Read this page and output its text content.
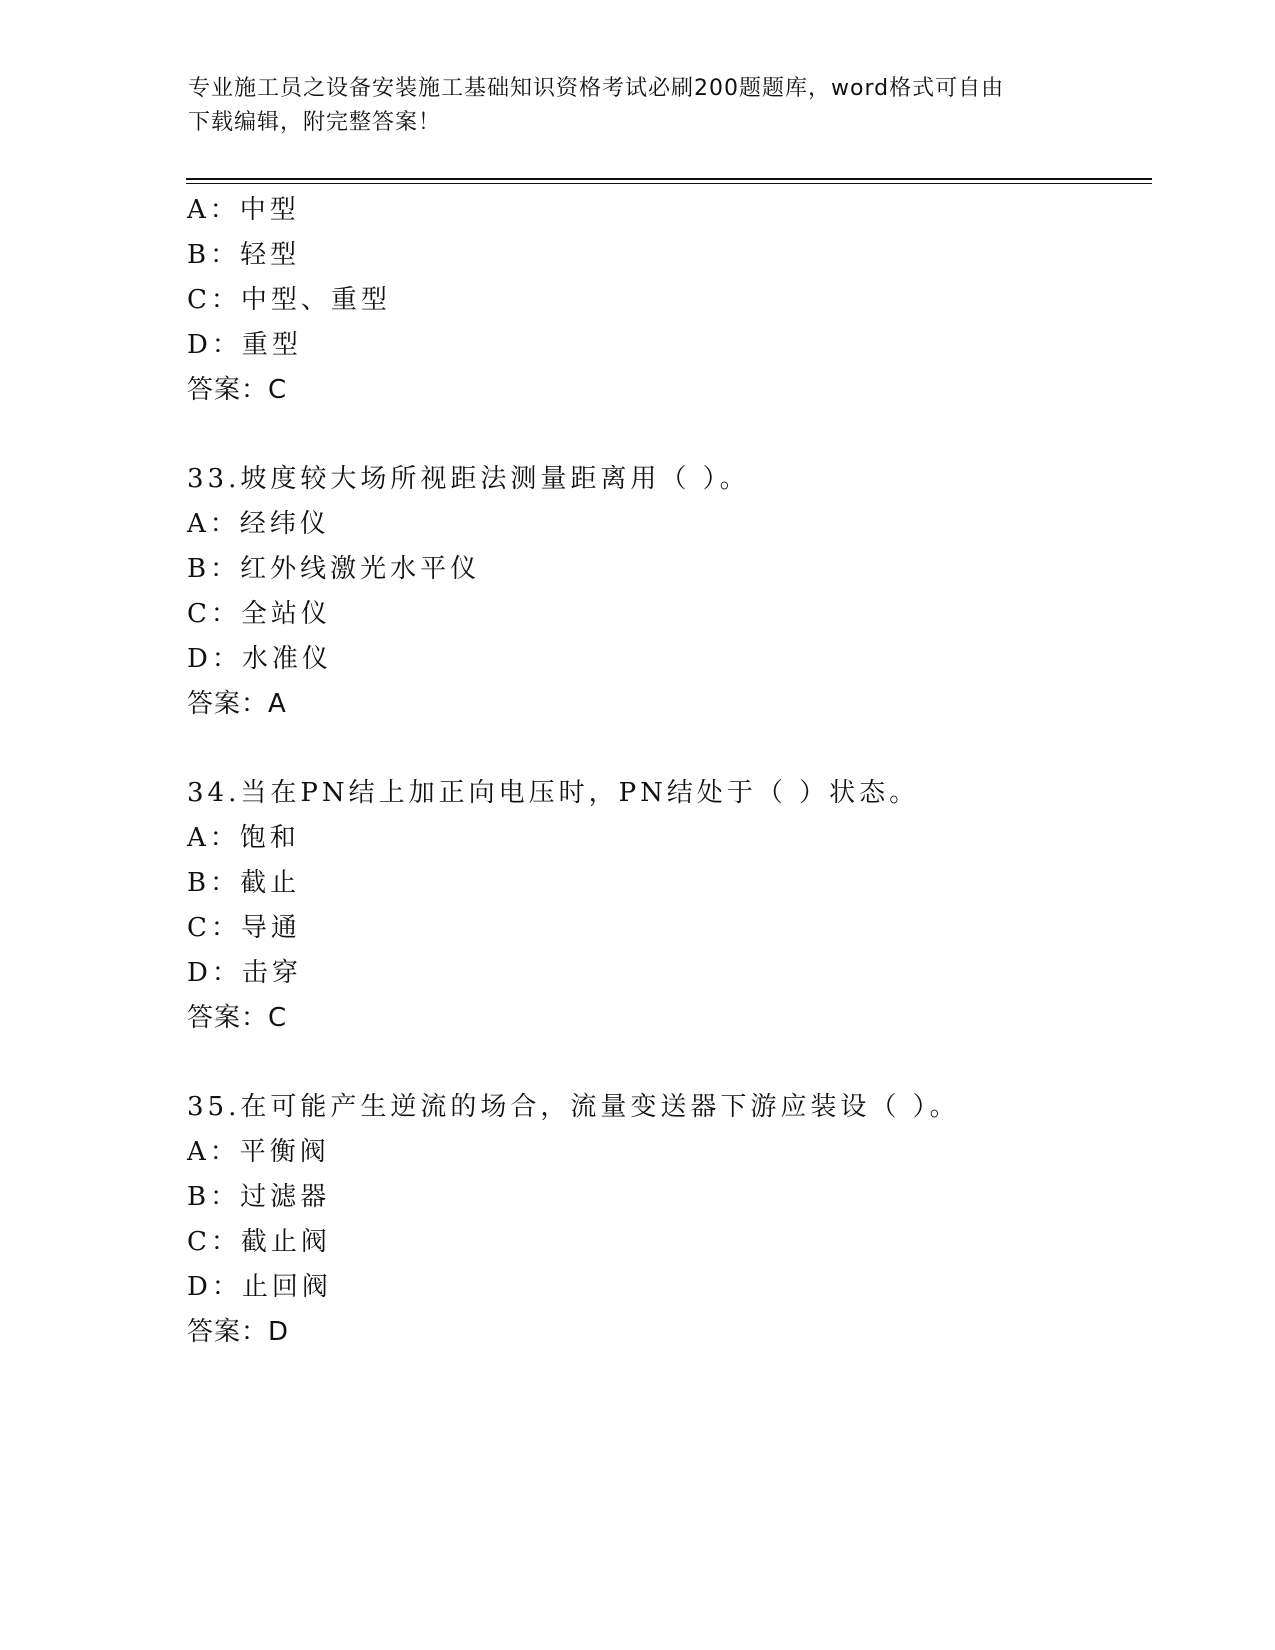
专业施工员之设备安装施工基础知识资格考试必刷200题题库，word格式可自由
下载编辑，附完整答案！
A：中型
B：轻型
C：中型、重型
D：重型
答案：C
33.坡度较大场所视距法测量距离用（ ）。
A：经纬仪
B：红外线激光水平仪
C：全站仪
D：水准仪
答案：A
34.当在PN结上加正向电压时，PN结处于（ ）状态。
A：饱和
B：截止
C：导通
D：击穿
答案：C
35.在可能产生逆流的场合，流量变送器下游应装设（ ）。
A：平衡阀
B：过滤器
C：截止阀
D：止回阀
答案：D
